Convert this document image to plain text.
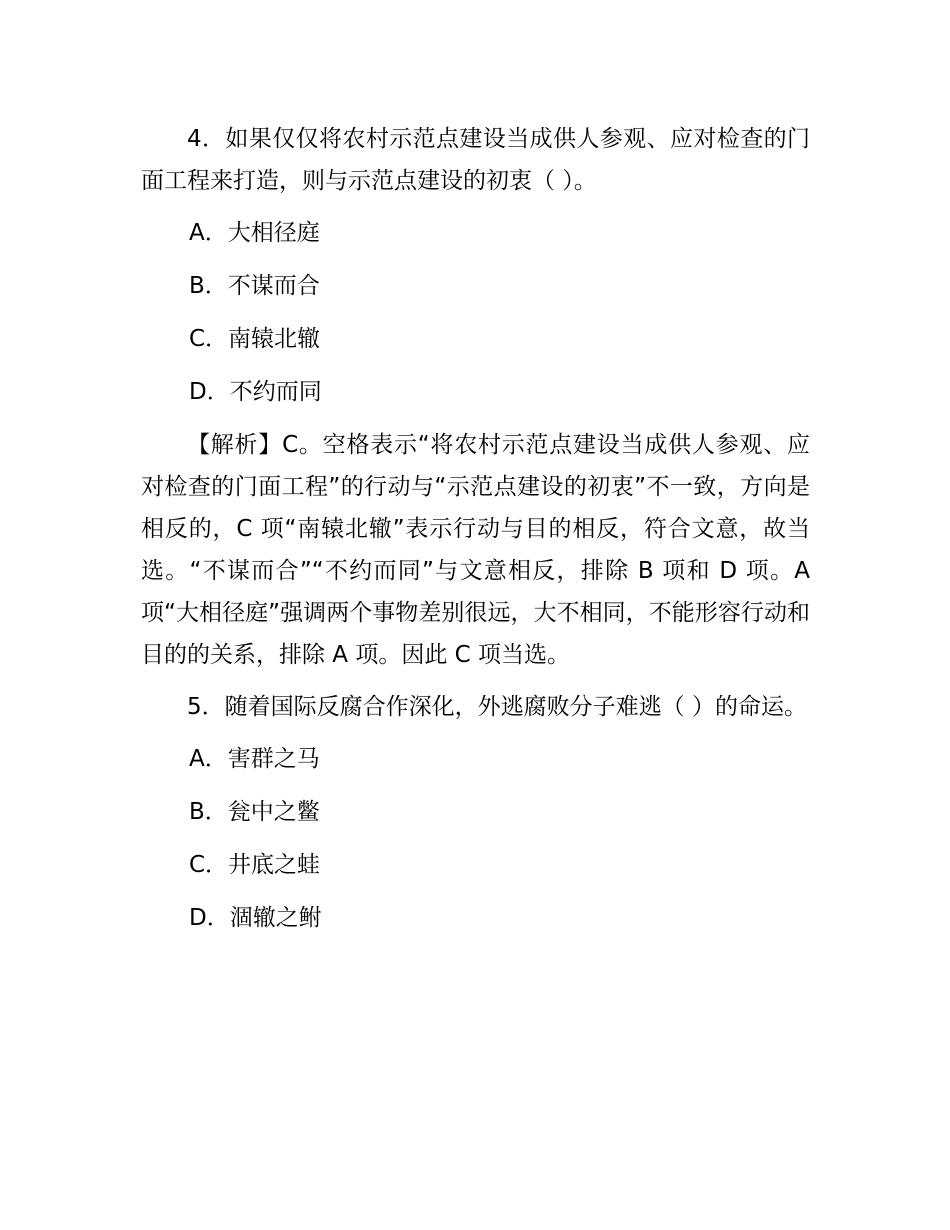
4．如果仅仅将农村示范点建设当成供人参观、应对检查的门面工程来打造，则与示范点建设的初衷（ ）。

A．大相径庭

B．不谋而合

C．南辕北辙

D．不约而同

【解析】C。空格表示“将农村示范点建设当成供人参观、应对检查的门面工程”的行动与“示范点建设的初衷”不一致，方向是相反的，C 项“南辕北辙”表示行动与目的相反，符合文意，故当选。“不谋而合”“不约而同”与文意相反，排除 B 项和 D 项。A 项“大相径庭”强调两个事物差别很远，大不相同，不能形容行动和目的的关系，排除 A 项。因此 C 项当选。

5．随着国际反腐合作深化，外逃腐败分子难逃（ ）的命运。

A．害群之马

B．瓮中之鳖

C．井底之蛙

D．涸辙之鲋
